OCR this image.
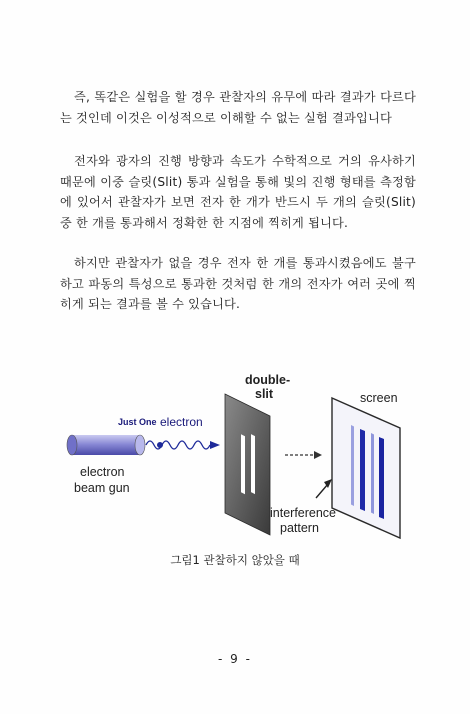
즉, 똑같은 실험을 할 경우 관찰자의 유무에 따라 결과가 다르다는 것인데 이것은 이성적으로 이해할 수 없는 실험 결과입니다

전자와 광자의 진행 방향과 속도가 수학적으로 거의 유사하기 때문에 이중 슬릿(Slit) 통과 실험을 통해 빛의 진행 형태를 측정함에 있어서 관찰자가 보면 전자 한 개가 반드시 두 개의 슬릿(Slit) 중 한 개를 통과해서 정확한 한 지점에 찍히게 됩니다.

하지만 관찰자가 없을 경우 전자 한 개를 통과시켰음에도 불구하고 파동의 특성으로 통과한 것처럼 한 개의 전자가 여러 곳에 찍히게 되는 결과를 볼 수 있습니다.

Just One electron
electron
beam gun
double-
slit	screen
interference
pattern
그림1 관찰하지 않았을 때
- 9 -
